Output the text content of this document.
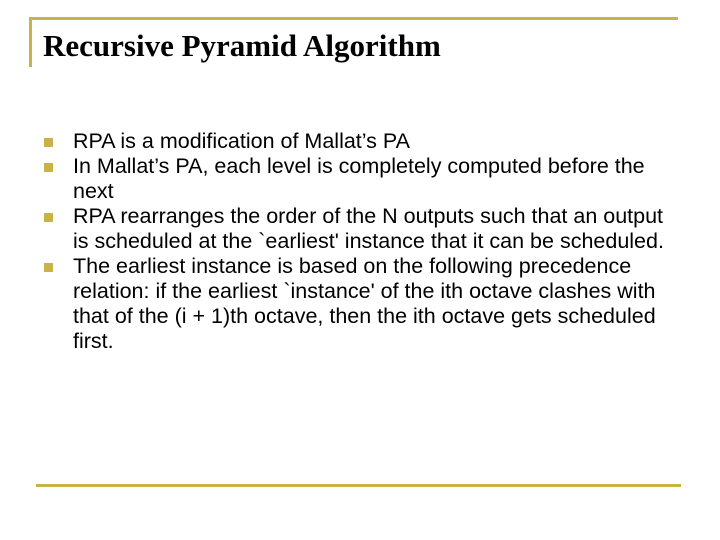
Recursive Pyramid Algorithm
RPA is a modification of Mallat’s PA
In Mallat’s PA, each level is completely computed before the next
RPA rearranges the order of the N outputs such that an output is scheduled at the `earliest' instance that it can be scheduled.
The earliest instance is based on the following precedence relation: if the earliest `instance' of the ith octave clashes with that of the (i + 1)th octave, then the ith octave gets scheduled first.
